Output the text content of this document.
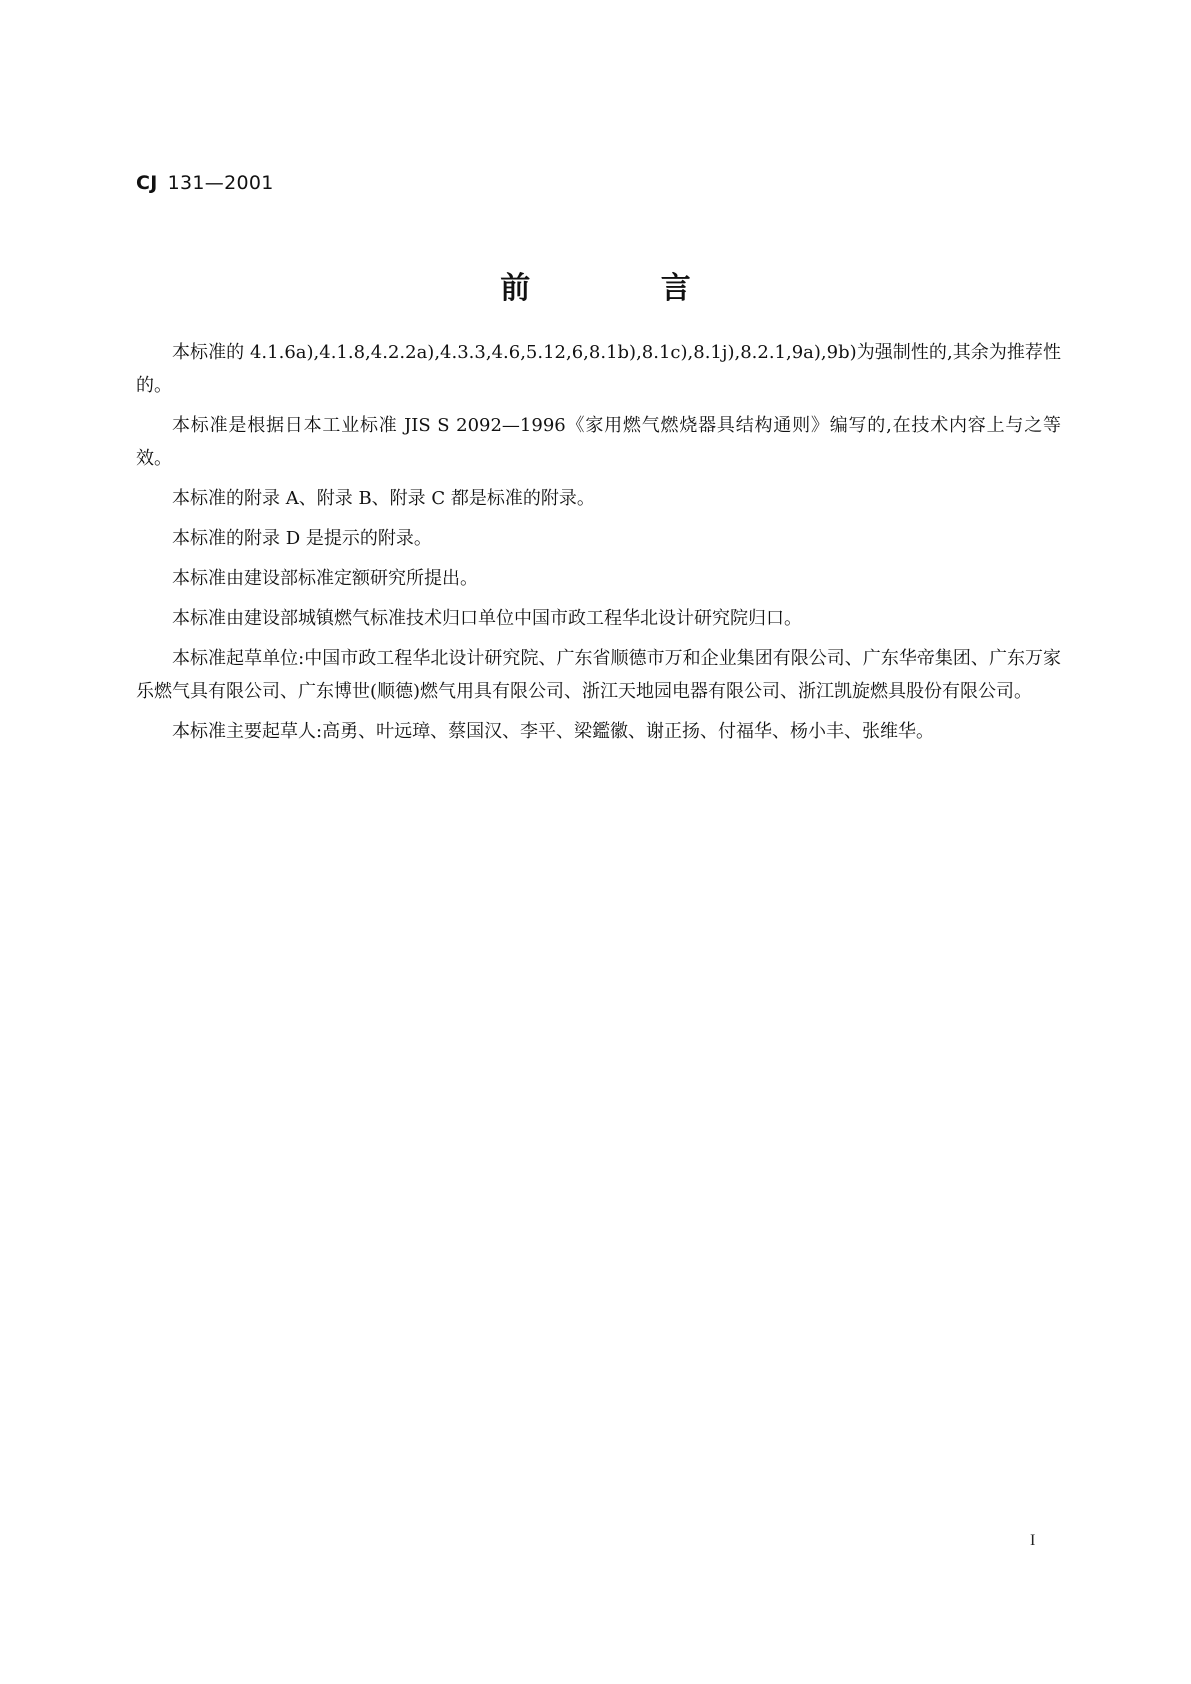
CJ 131—2001
前 言

本标准的 4.1.6a),4.1.8,4.2.2a),4.3.3,4.6,5.12,6,8.1b),8.1c),8.1j),8.2.1,9a),9b)为强制性的,其余为推荐性的。

本标准是根据日本工业标准 JIS S 2092—1996《家用燃气燃烧器具结构通则》编写的,在技术内容上与之等效。

本标准的附录 A、附录 B、附录 C 都是标准的附录。

本标准的附录 D 是提示的附录。

本标准由建设部标准定额研究所提出。

本标准由建设部城镇燃气标准技术归口单位中国市政工程华北设计研究院归口。

本标准起草单位:中国市政工程华北设计研究院、广东省顺德市万和企业集团有限公司、广东华帝集团、广东万家乐燃气具有限公司、广东博世(顺德)燃气用具有限公司、浙江天地园电器有限公司、浙江凯旋燃具股份有限公司。

本标准主要起草人:高勇、叶远璋、蔡国汉、李平、梁鑑徽、谢正扬、付福华、杨小丰、张维华。

I
